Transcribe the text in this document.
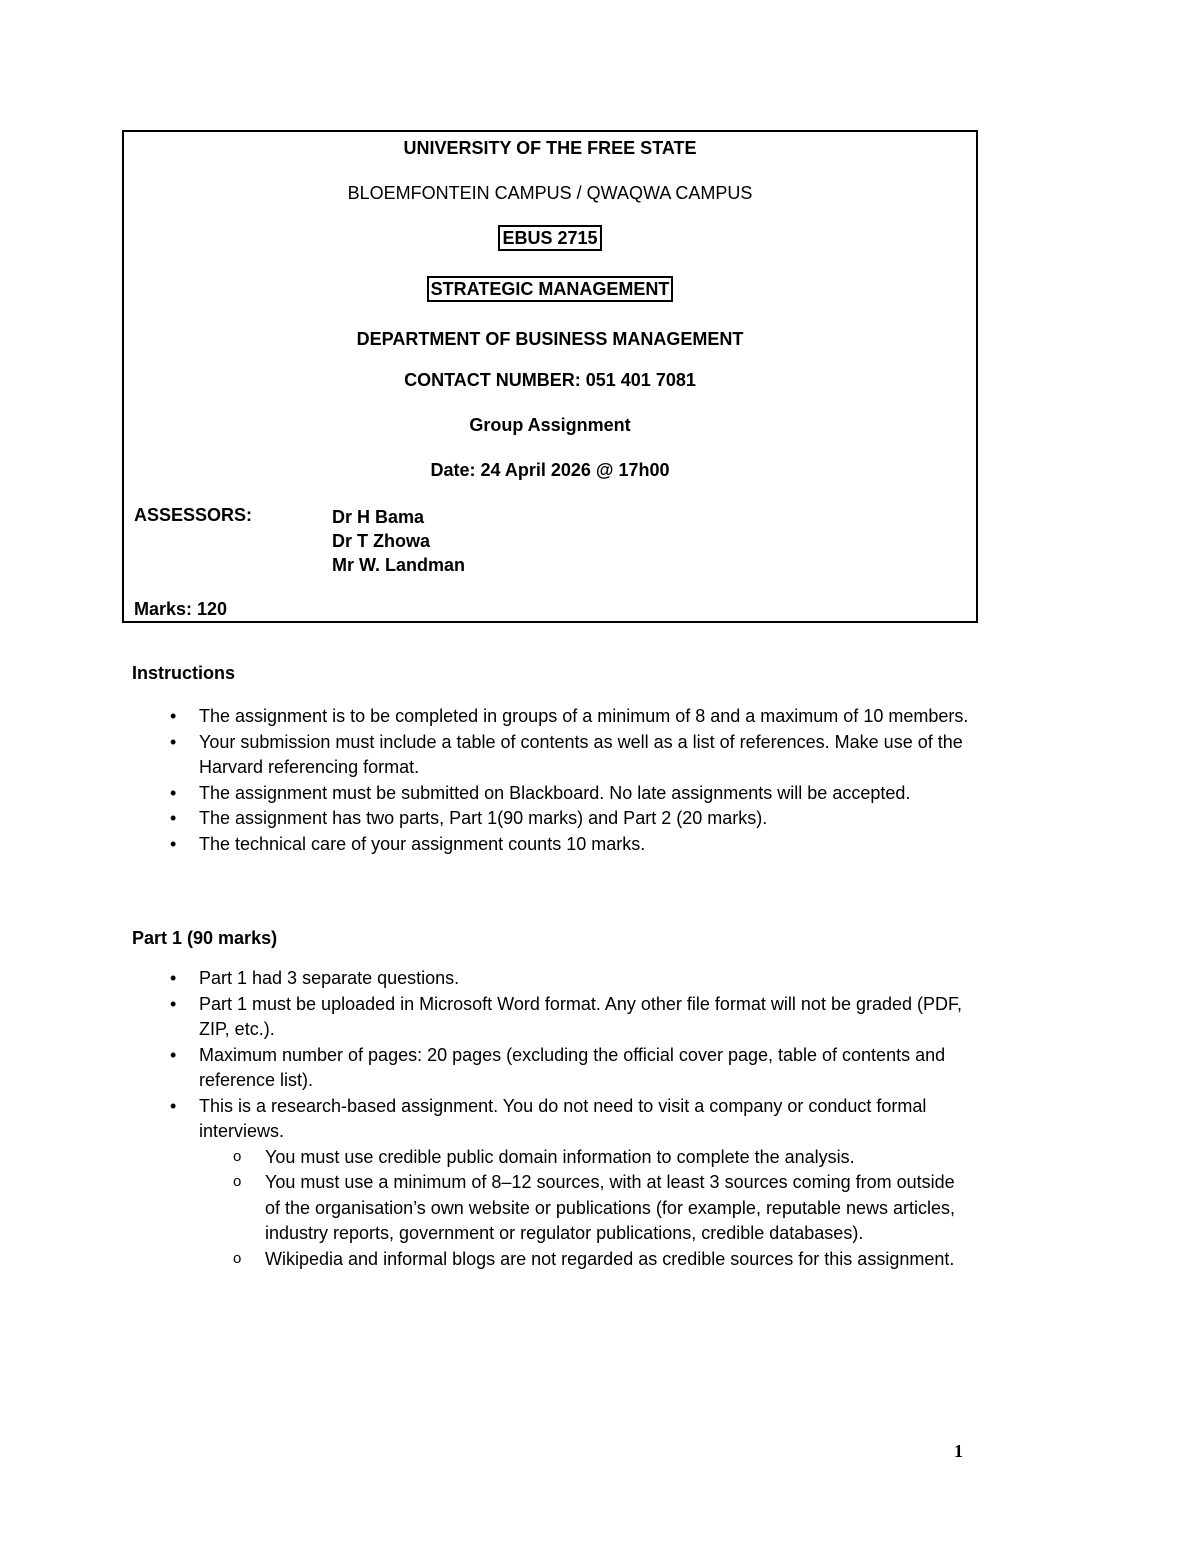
UNIVERSITY OF THE FREE STATE
BLOEMFONTEIN CAMPUS / QWAQWA CAMPUS
EBUS 2715
STRATEGIC MANAGEMENT
DEPARTMENT OF BUSINESS MANAGEMENT
CONTACT NUMBER: 051 401 7081
Group Assignment
Date: 24 April 2026 @ 17h00
ASSESSORS:	Dr H Bama
Dr T Zhowa
Mr W. Landman
Marks: 120
Instructions
• The assignment is to be completed in groups of a minimum of 8 and a maximum of 10 members.
• Your submission must include a table of contents as well as a list of references. Make use of the Harvard referencing format.
• The assignment must be submitted on Blackboard. No late assignments will be accepted.
• The assignment has two parts, Part 1(90 marks) and Part 2 (20 marks).
• The technical care of your assignment counts 10 marks.
Part 1 (90 marks)
• Part 1 had 3 separate questions.
• Part 1 must be uploaded in Microsoft Word format. Any other file format will not be graded (PDF, ZIP, etc.).
• Maximum number of pages: 20 pages (excluding the official cover page, table of contents and reference list).
• This is a research-based assignment. You do not need to visit a company or conduct formal interviews.
o You must use credible public domain information to complete the analysis.
o You must use a minimum of 8–12 sources, with at least 3 sources coming from outside of the organisation’s own website or publications (for example, reputable news articles, industry reports, government or regulator publications, credible databases).
o Wikipedia and informal blogs are not regarded as credible sources for this assignment.
1
